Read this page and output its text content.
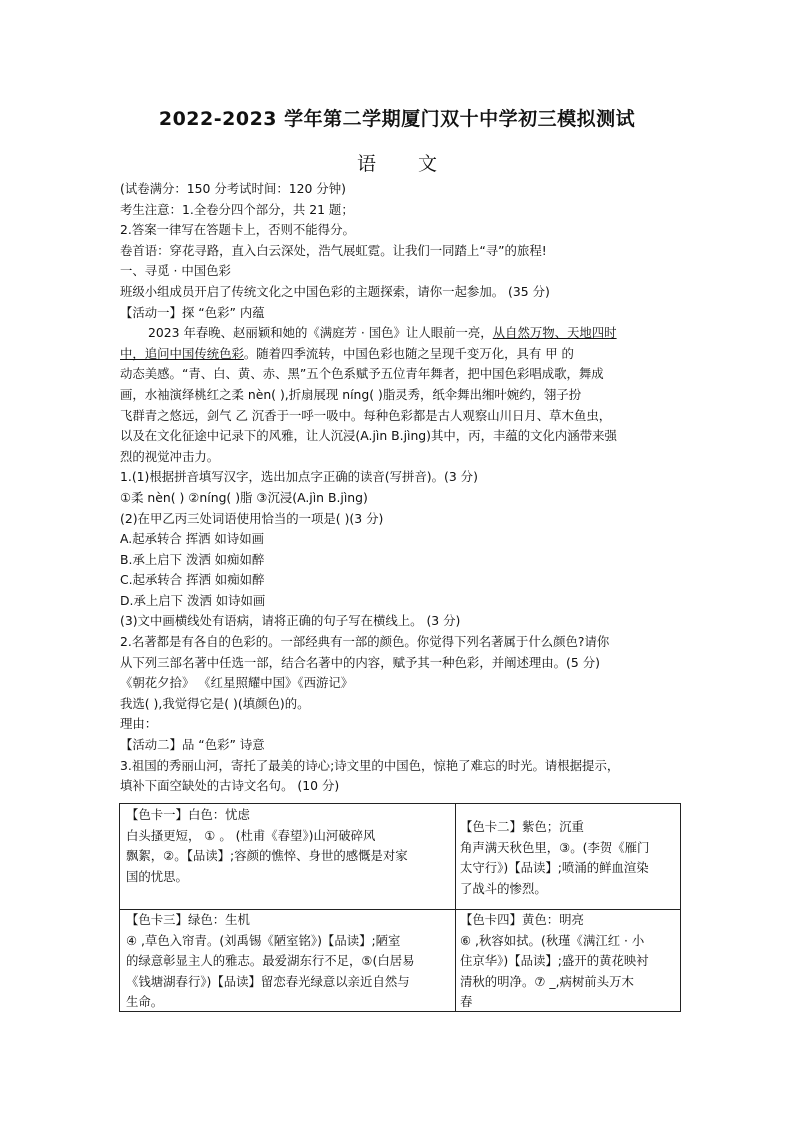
2022-2023 学年第二学期厦门双十中学初三模拟测试
语 文
(试卷满分：150 分考试时间：120 分钟)
考生注意：1.全卷分四个部分，共 21 题；
2.答案一律写在答题卡上，否则不能得分。
卷首语：穿花寻路，直入白云深处，浩气展虹霓。让我们一同踏上“寻”的旅程!
一、寻觅 · 中国色彩
班级小组成员开启了传统文化之中国色彩的主题探索，请你一起参加。 (35 分)
【活动一】探 “色彩” 内蕴
2023 年春晚、赵丽颖和她的《满庭芳 · 国色》让人眼前一亮，从自然万物、天地四时
中，追问中国传统色彩。随着四季流转，中国色彩也随之呈现千变万化，具有 甲 的
动态美感。“青、白、黄、赤、黑”五个色系赋予五位青年舞者，把中国色彩唱成歌，舞成
画，水袖演绎桃红之柔 nèn( ),折扇展现 níng( )脂灵秀，纸伞舞出缃叶婉约，翎子扮
飞群青之悠远，剑气 乙 沉香于一呼一吸中。每种色彩都是古人观察山川日月、草木鱼虫，
以及在文化征途中记录下的风雅，让人沉浸(A.jìn B.jìng)其中，丙，丰蕴的文化内涵带来强
烈的视觉冲击力。
1.(1)根据拼音填写汉字，选出加点字正确的读音(写拼音)。(3 分)
①柔 nèn( ) ②níng( )脂 ③沉浸(A.jìn B.jìng)
(2)在甲乙丙三处词语使用恰当的一项是( )(3 分)
A.起承转合 挥洒 如诗如画
B.承上启下 泼洒 如痴如醉
C.起承转合 挥洒 如痴如醉
D.承上启下 泼洒 如诗如画
(3)文中画横线处有语病，请将正确的句子写在横线上。 (3 分)
2.名著都是有各自的色彩的。一部经典有一部的颜色。你觉得下列名著属于什么颜色?请你
从下列三部名著中任选一部，结合名著中的内容，赋予其一种色彩，并阐述理由。(5 分)
《朝花夕拾》 《红星照耀中国》《西游记》
我选( ),我觉得它是( )(填颜色)的。
理由：
【活动二】品 “色彩” 诗意
3.祖国的秀丽山河，寄托了最美的诗心;诗文里的中国色，惊艳了难忘的时光。请根据提示，
填补下面空缺处的古诗文名句。 (10 分)
【色卡一】白色：忧虑
白头搔更短， ① 。 (杜甫《春望》)山河破碎风
飘絮，②。【品读】;容颜的憔悴、身世的感慨是对家
国的忧思。
【色卡二】紫色；沉重
角声满天秋色里，③。(李贺《雁门
太守行》)【品读】;喷涌的鲜血渲染
了战斗的惨烈。
【色卡三】绿色：生机
④ ,草色入帘青。(刘禹锡《陋室铭》)【品读】;陋室
的绿意彰显主人的雅志。最爱湖东行不足，⑤(白居易
《钱塘湖春行》)【品读】留恋春光绿意以亲近自然与
生命。
【色卡四】黄色：明亮
⑥ ,秋容如拭。(秋瑾《满江红 · 小
住京华》)【品读】;盛开的黄花映衬
清秋的明净。⑦ _,病树前头万木
春
